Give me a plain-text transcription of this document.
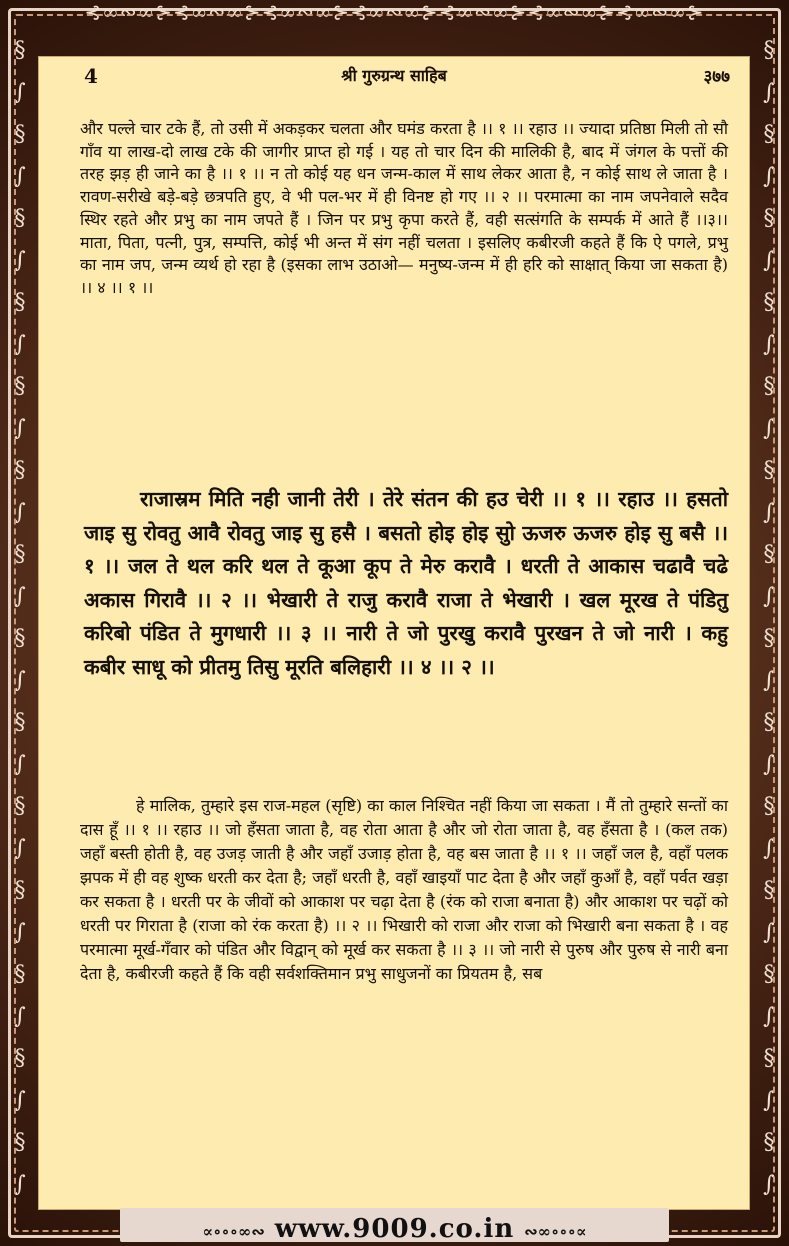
⊰∞∾∞⊱⊰∞∾∞⊱⊰∞∾∞⊱⊰∞∾∞⊱⊰∞∾∞⊱⊰∞∾∞⊱⊰∞∾∞⊱
§
∫
§
∫
§
∫
§
∫
§
∫
§
∫
§
∫
§
∫
§
∫
§
∫
§
∫
§
∫
§
∫
§
∫
§
∫
§
∫
§
∫
§
∫
§
∫
§
∫
§
∫
§
∫
§
∫
§
∫
§
∫
§
∫
§
∫
§
∫
4	श्री गुरुग्रन्थ साहिब	३७७
और पल्ले चार टके हैं, तो उसी में अकड़कर चलता और घमंड करता है ।। १ ।। रहाउ ।। ज्यादा प्रतिष्ठा मिली तो सौ गाँव या लाख-दो लाख टके की जागीर प्राप्त हो गई । यह तो चार दिन की मालिकी है, बाद में जंगल के पत्तों की तरह झड़ ही जाने का है ।। १ ।। न तो कोई यह धन जन्म-काल में साथ लेकर आता है, न कोई साथ ले जाता है । रावण-सरीखे बड़े-बड़े छत्रपति हुए, वे भी पल-भर में ही विनष्ट हो गए ।। २ ।। परमात्मा का नाम जपनेवाले सदैव स्थिर रहते और प्रभु का नाम जपते हैं । जिन पर प्रभु कृपा करते हैं, वही सत्संगति के सम्पर्क में आते हैं ।।३।। माता, पिता, पत्नी, पुत्र, सम्पत्ति, कोई भी अन्त में संग नहीं चलता । इसलिए कबीरजी कहते हैं कि ऐ पगले, प्रभु का नाम जप, जन्म व्यर्थ हो रहा है (इसका लाभ उठाओ— मनुष्य-जन्म में ही हरि को साक्षात् किया जा सकता है) ।। ४ ।। १ ।।
राजास्रम मिति नही जानी तेरी । तेरे संतन की हउ चेरी ।। १ ।। रहाउ ।। हसतो जाइ सु रोवतु आवै रोवतु जाइ सु हसै । बसतो होइ होइ सुो ऊजरु ऊजरु होइ सु बसै ।। १ ।। जल ते थल करि थल ते कूआ कूप ते मेरु करावै । धरती ते आकास चढावै चढे अकास गिरावै ।। २ ।। भेखारी ते राजु करावै राजा ते भेखारी । खल मूरख ते पंडितु करिबो पंडित ते मुगधारी ।। ३ ।। नारी ते जो पुरखु करावै पुरखन ते जो नारी । कहु कबीर साधू को प्रीतमु तिसु मूरति बलिहारी ।। ४ ।। २ ।।
हे मालिक, तुम्हारे इस राज-महल (सृष्टि) का काल निश्चित नहीं किया जा सकता । मैं तो तुम्हारे सन्तों का दास हूँ ।। १ ।। रहाउ ।। जो हँसता जाता है, वह रोता आता है और जो रोता जाता है, वह हँसता है । (कल तक) जहाँ बस्ती होती है, वह उजड़ जाती है और जहाँ उजाड़ होता है, वह बस जाता है ।। १ ।। जहाँ जल है, वहाँ पलक झपक में ही वह शुष्क धरती कर देता है; जहाँ धरती है, वहाँ खाइयाँ पाट देता है और जहाँ कुआँ है, वहाँ पर्वत खड़ा कर सकता है । धरती पर के जीवों को आकाश पर चढ़ा देता है (रंक को राजा बनाता है) और आकाश पर चढ़ों को धरती पर गिराता है (राजा को रंक करता है) ।। २ ।। भिखारी को राजा और राजा को भिखारी बना सकता है । वह परमात्मा मूर्ख-गँवार को पंडित और विद्वान् को मूर्ख कर सकता है ।। ३ ।। जो नारी से पुरुष और पुरुष से नारी बना देता है, कबीरजी कहते हैं कि वही सर्वशक्तिमान प्रभु साधुजनों का प्रियतम है, सब
∝∘∘∘∞∾ www.9009.co.in ∾∞∘∘∘∝
